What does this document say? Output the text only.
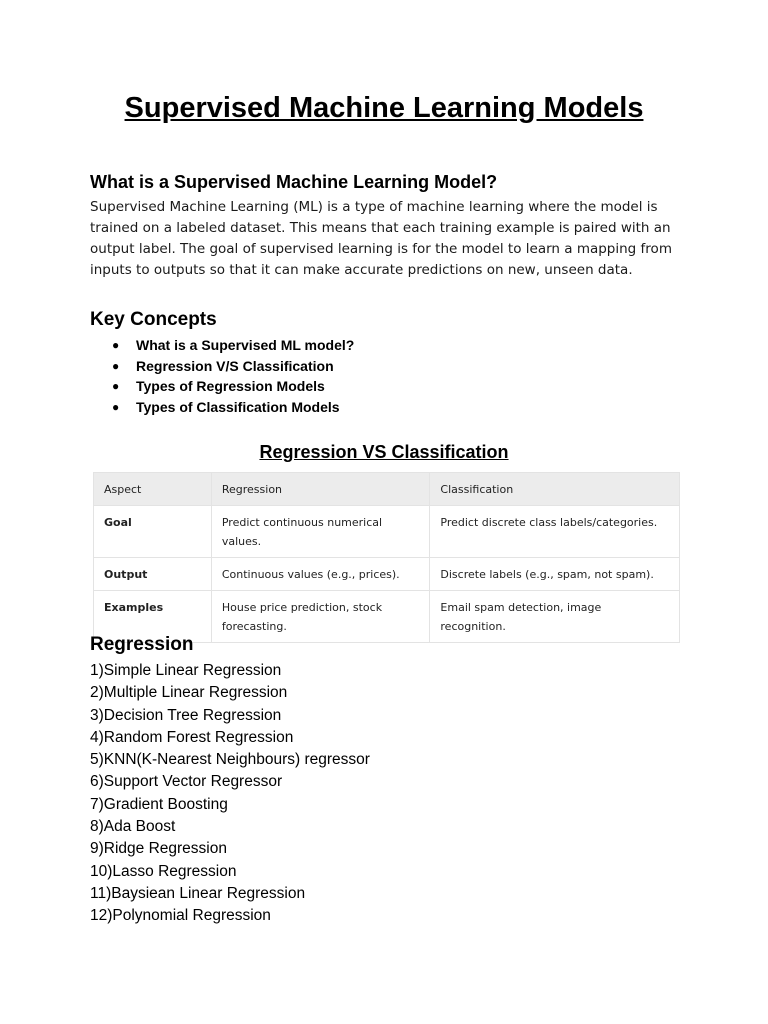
Supervised Machine Learning Models
What is a Supervised Machine Learning Model?
Supervised Machine Learning (ML) is a type of machine learning where the model is
trained on a labeled dataset. This means that each training example is paired with an
output label. The goal of supervised learning is for the model to learn a mapping from
inputs to outputs so that it can make accurate predictions on new, unseen data.
Key Concepts
● What is a Supervised ML model?
● Regression V/S Classification
● Types of Regression Models
● Types of Classification Models
Regression VS Classification
Aspect	Regression	Classification
Goal	Predict continuous numerical values.	Predict discrete class labels/categories.
Output	Continuous values (e.g., prices).	Discrete labels (e.g., spam, not spam).
Examples	House price prediction, stock forecasting.	Email spam detection, image recognition.
Regression
1)Simple Linear Regression
2)Multiple Linear Regression
3)Decision Tree Regression
4)Random Forest Regression
5)KNN(K-Nearest Neighbours) regressor
6)Support Vector Regressor
7)Gradient Boosting
8)Ada Boost
9)Ridge Regression
10)Lasso Regression
11)Baysiean Linear Regression
12)Polynomial Regression
